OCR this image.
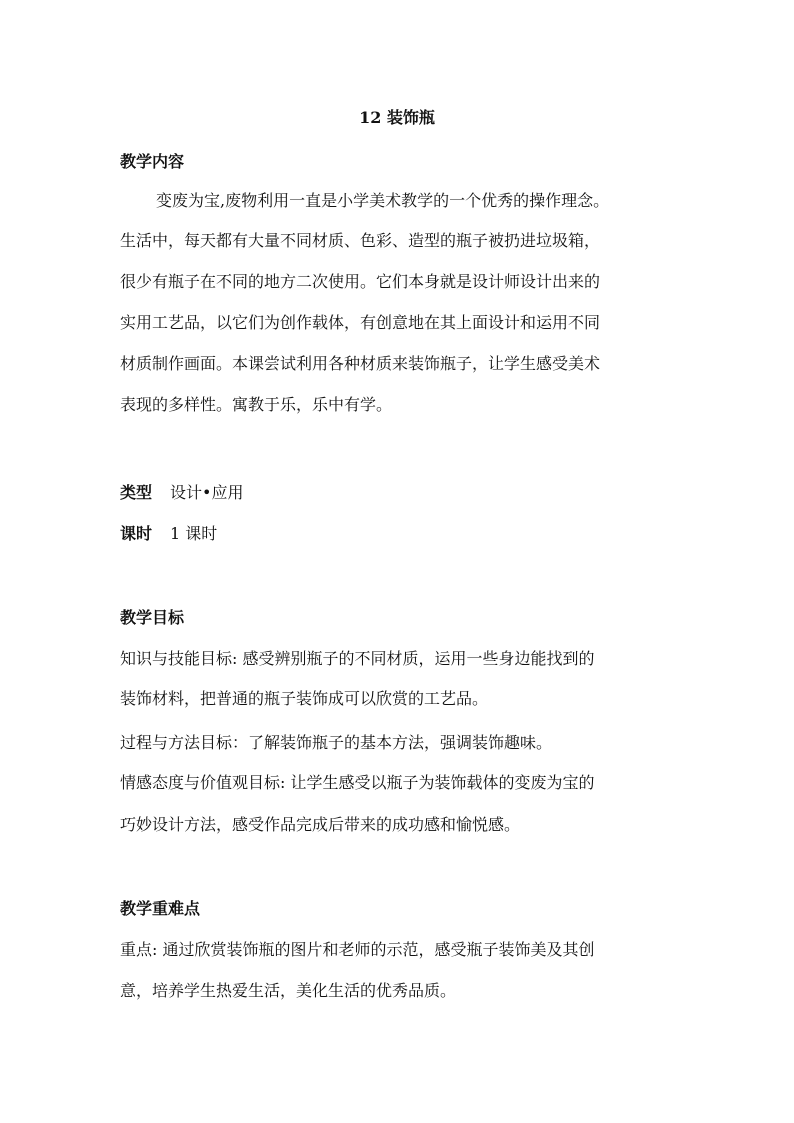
12 装饰瓶
教学内容
变废为宝,废物利用一直是小学美术教学的一个优秀的操作理念。
生活中，每天都有大量不同材质、色彩、造型的瓶子被扔进垃圾箱，
很少有瓶子在不同的地方二次使用。它们本身就是设计师设计出来的
实用工艺品，以它们为创作载体，有创意地在其上面设计和运用不同
材质制作画面。本课尝试利用各种材质来装饰瓶子，让学生感受美术
表现的多样性。寓教于乐，乐中有学。
类型 设计•应用
课时 1 课时
教学目标
知识与技能目标: 感受辨别瓶子的不同材质，运用一些身边能找到的
装饰材料，把普通的瓶子装饰成可以欣赏的工艺品。
过程与方法目标：了解装饰瓶子的基本方法，强调装饰趣味。
情感态度与价值观目标: 让学生感受以瓶子为装饰载体的变废为宝的
巧妙设计方法，感受作品完成后带来的成功感和愉悦感。
教学重难点
重点: 通过欣赏装饰瓶的图片和老师的示范，感受瓶子装饰美及其创
意，培养学生热爱生活，美化生活的优秀品质。
